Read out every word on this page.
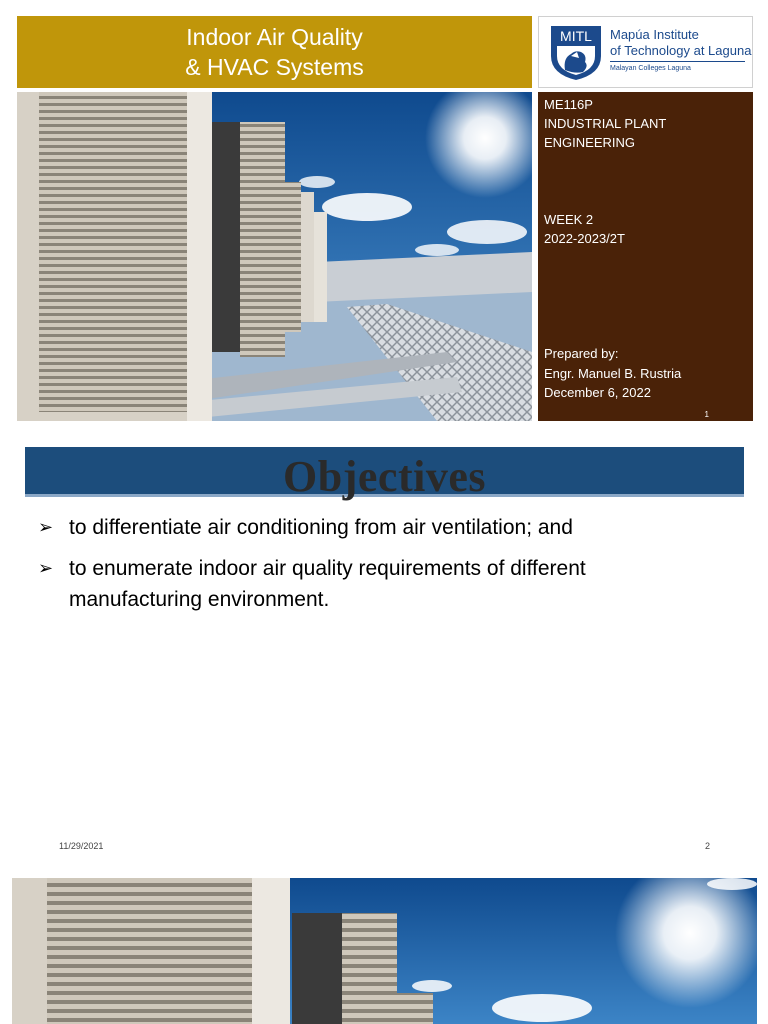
Indoor Air Quality
& HVAC Systems
MITL Mapúa Institute
of Technology at Laguna
Malayan Colleges Laguna
ME116P
INDUSTRIAL PLANT
ENGINEERING
WEEK 2
2022-2023/2T
Prepared by:
Engr. Manuel B. Rustria
December 6, 2022
1
Objectives
➢ to differentiate air conditioning from air ventilation; and
➢ to enumerate indoor air quality requirements of different manufacturing environment.
11/29/2021	2
